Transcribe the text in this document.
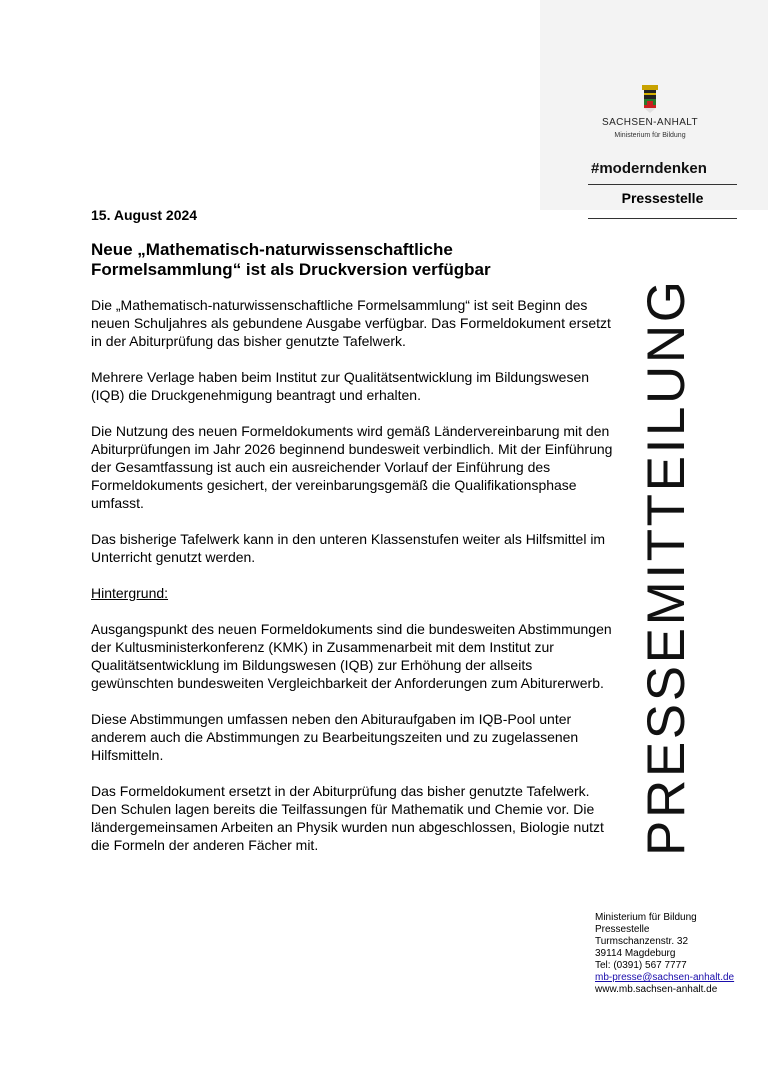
SACHSEN-ANHALT
Ministerium für Bildung
#moderndenken
Pressestelle
PRESSEMITTEILUNG
15. August 2024
Neue „Mathematisch-naturwissenschaftliche Formelsammlung“ ist als Druckversion verfügbar

Die „Mathematisch-naturwissenschaftliche Formelsammlung“ ist seit Beginn des neuen Schuljahres als gebundene Ausgabe verfügbar. Das Formeldokument ersetzt in der Abiturprüfung das bisher genutzte Tafelwerk.

Mehrere Verlage haben beim Institut zur Qualitätsentwicklung im Bildungswesen (IQB) die Druckgenehmigung beantragt und erhalten.

Die Nutzung des neuen Formeldokuments wird gemäß Ländervereinbarung mit den Abiturprüfungen im Jahr 2026 beginnend bundesweit verbindlich. Mit der Einführung der Gesamtfassung ist auch ein ausreichender Vorlauf der Einführung des Formeldokuments gesichert, der vereinbarungsgemäß die Qualifikationsphase umfasst.

Das bisherige Tafelwerk kann in den unteren Klassenstufen weiter als Hilfsmittel im Unterricht genutzt werden.

Hintergrund:

Ausgangspunkt des neuen Formeldokuments sind die bundesweiten Abstimmungen der Kultusministerkonferenz (KMK) in Zusammenarbeit mit dem Institut zur Qualitätsentwicklung im Bildungswesen (IQB) zur Erhöhung der allseits gewünschten bundesweiten Vergleichbarkeit der Anforderungen zum Abiturerwerb.

Diese Abstimmungen umfassen neben den Abituraufgaben im IQB-Pool unter anderem auch die Abstimmungen zu Bearbeitungszeiten und zu zugelassenen Hilfsmitteln.

Das Formeldokument ersetzt in der Abiturprüfung das bisher genutzte Tafelwerk. Den Schulen lagen bereits die Teilfassungen für Mathematik und Chemie vor. Die ländergemeinsamen Arbeiten an Physik wurden nun abgeschlossen, Biologie nutzt die Formeln der anderen Fächer mit.

Ministerium für Bildung
Pressestelle
Turmschanzenstr. 32
39114 Magdeburg
Tel: (0391) 567 7777
mb-presse@sachsen-anhalt.de
www.mb.sachsen-anhalt.de
